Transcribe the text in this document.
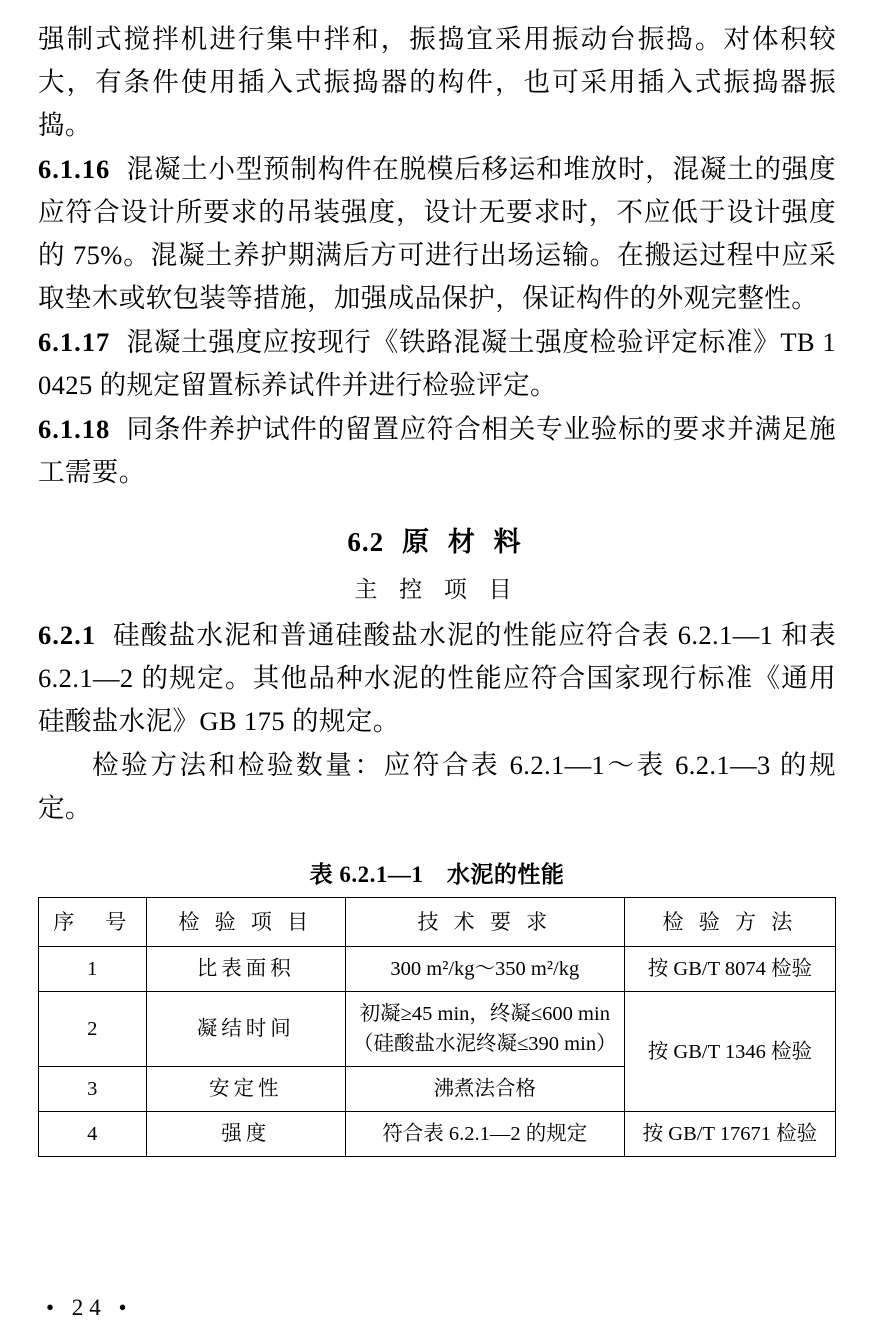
强制式搅拌机进行集中拌和，振捣宜采用振动台振捣。对体积较大，有条件使用插入式振捣器的构件，也可采用插入式振捣器振捣。

6.1.16 混凝土小型预制构件在脱模后移运和堆放时，混凝土的强度应符合设计所要求的吊装强度，设计无要求时，不应低于设计强度的 75%。混凝土养护期满后方可进行出场运输。在搬运过程中应采取垫木或软包装等措施，加强成品保护，保证构件的外观完整性。

6.1.17 混凝土强度应按现行《铁路混凝土强度检验评定标准》TB 10425 的规定留置标养试件并进行检验评定。

6.1.18 同条件养护试件的留置应符合相关专业验标的要求并满足施工需要。

6.2 原 材 料
主 控 项 目

6.2.1 硅酸盐水泥和普通硅酸盐水泥的性能应符合表 6.2.1—1 和表 6.2.1—2 的规定。其他品种水泥的性能应符合国家现行标准《通用硅酸盐水泥》GB 175 的规定。

检验方法和检验数量：应符合表 6.2.1—1～表 6.2.1—3 的规定。

表 6.2.1—1　水泥的性能
序　号	检 验 项 目	技 术 要 求	检 验 方 法
1	比表面积	300 m²/kg～350 m²/kg	按 GB/T 8074 检验
2	凝结时间	初凝≥45 min，终凝≤600 min
（硅酸盐水泥终凝≤390 min）	按 GB/T 1346 检验
3	安定性	沸煮法合格	
4	强度	符合表 6.2.1—2 的规定	按 GB/T 17671 检验
• 24 •
